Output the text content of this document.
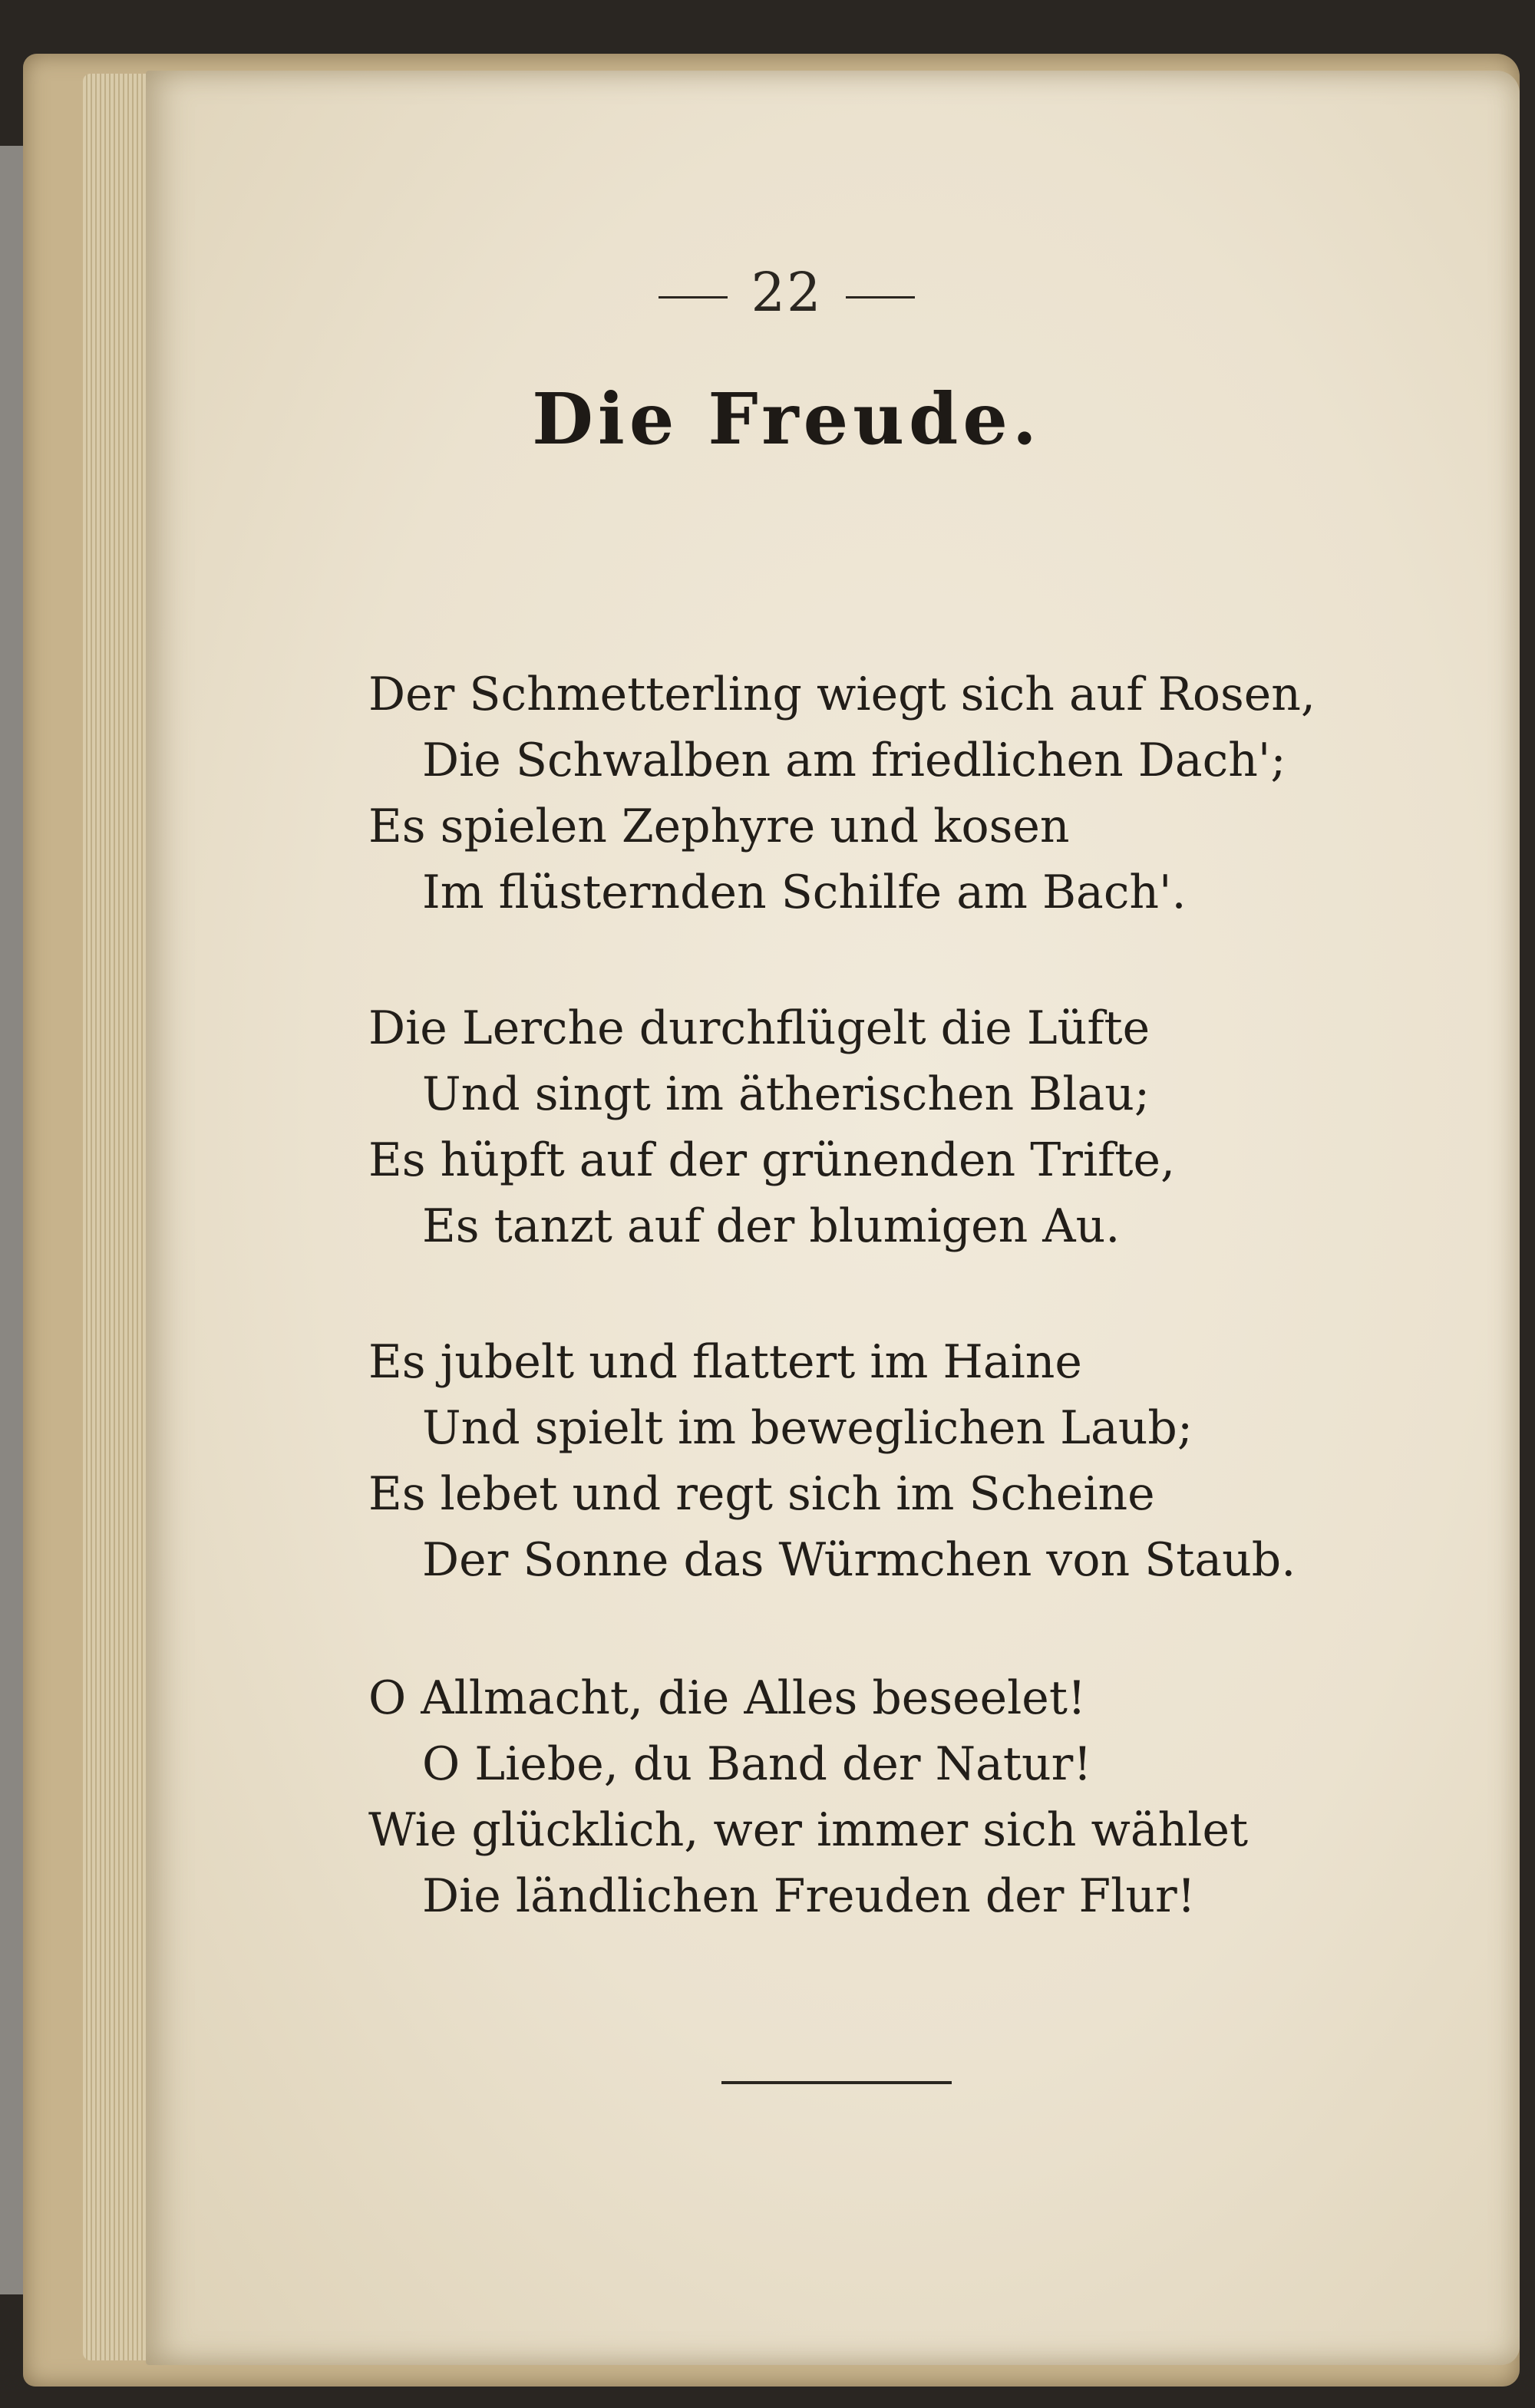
22
Die Freude.
Der Schmetterling wiegt sich auf Rosen,
Die Schwalben am friedlichen Dach';
Es spielen Zephyre und kosen
Im flüsternden Schilfe am Bach'.
Die Lerche durchflügelt die Lüfte
Und singt im ätherischen Blau;
Es hüpft auf der grünenden Trifte,
Es tanzt auf der blumigen Au.
Es jubelt und flattert im Haine
Und spielt im beweglichen Laub;
Es lebet und regt sich im Scheine
Der Sonne das Würmchen von Staub.
O Allmacht, die Alles beseelet!
O Liebe, du Band der Natur!
Wie glücklich, wer immer sich wählet
Die ländlichen Freuden der Flur!
